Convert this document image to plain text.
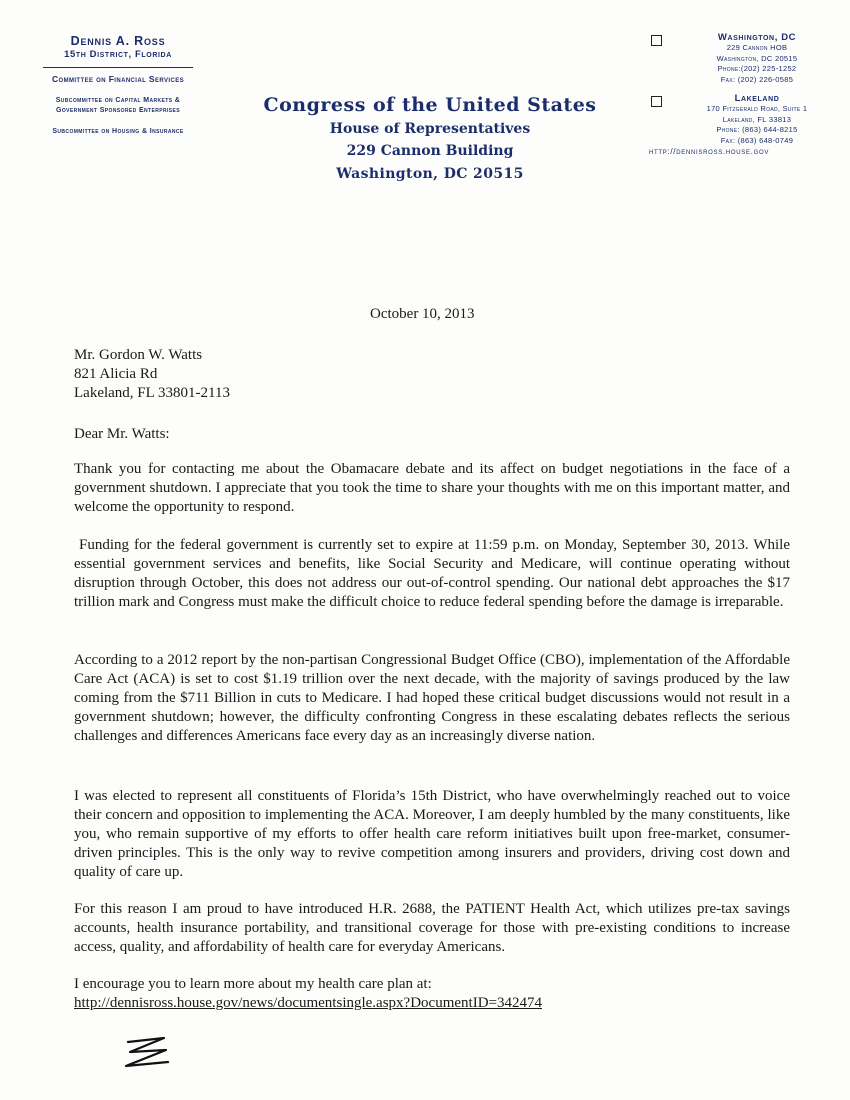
Dennis A. Ross
15th District, Florida
Committee on Financial Services
Subcommittee on Capital Markets &
Government Sponsored Enterprises
Subcommittee on Housing & Insurance
Congress of the United States
House of Representatives
229 Cannon Building
Washington, DC 20515
Washington, DC
229 Cannon HOB
Washington, DC 20515
Phone:(202) 225-1252
Fax: (202) 226-0585
Lakeland
170 Fitzgerald Road, Suite 1
Lakeland, FL 33813
Phone: (863) 644-8215
Fax: (863) 648-0749
http://dennisross.house.gov
October 10, 2013
Mr. Gordon W. Watts
821 Alicia Rd
Lakeland, FL 33801-2113
Dear Mr. Watts:

Thank you for contacting me about the Obamacare debate and its affect on budget negotiations in the face of a government shutdown. I appreciate that you took the time to share your thoughts with me on this important matter, and welcome the opportunity to respond.

Funding for the federal government is currently set to expire at 11:59 p.m. on Monday, September 30, 2013. While essential government services and benefits, like Social Security and Medicare, will continue operating without disruption through October, this does not address our out-of-control spending. Our national debt approaches the $17 trillion mark and Congress must make the difficult choice to reduce federal spending before the damage is irreparable.

According to a 2012 report by the non-partisan Congressional Budget Office (CBO), implementation of the Affordable Care Act (ACA) is set to cost $1.19 trillion over the next decade, with the majority of savings produced by the law coming from the $711 Billion in cuts to Medicare. I had hoped these critical budget discussions would not result in a government shutdown; however, the difficulty confronting Congress in these escalating debates reflects the serious challenges and differences Americans face every day as an increasingly diverse nation.

I was elected to represent all constituents of Florida’s 15th District, who have overwhelmingly reached out to voice their concern and opposition to implementing the ACA. Moreover, I am deeply humbled by the many constituents, like you, who remain supportive of my efforts to offer health care reform initiatives built upon free-market, consumer-driven principles. This is the only way to revive competition among insurers and providers, driving cost down and quality of care up.

For this reason I am proud to have introduced H.R. 2688, the PATIENT Health Act, which utilizes pre-tax savings accounts, health insurance portability, and transitional coverage for those with pre-existing conditions to increase access, quality, and affordability of health care for everyday Americans.

I encourage you to learn more about my health care plan at:
http://dennisross.house.gov/news/documentsingle.aspx?DocumentID=342474
